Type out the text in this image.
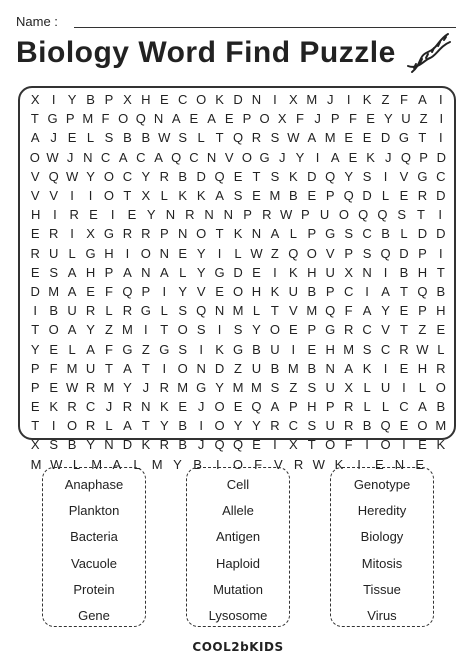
Name :
Biology Word Find Puzzle
X I Y B P X H E C O K D N I X M J	I K Z F A I
T G P M F O Q N A E A E P O X F J P F E Y U Z I
A J E L S B B W S L T Q R S W A M E E D G T I
O W J N C A C A Q C N V O G J Y I A E K J Q P D
V Q W Y O C Y R B D Q E T S K D Q Y S I V G C
V V I	I O T X L K K A S E M B E P Q D L E R D
H I R E	I	E Y N R N N P R W P U O Q Q S T	I
E R I X G R R P N O T K N A L P G S C B L D D
R U L G H I O N E Y I	L W Z Q O V P S Q D P I
E S A H P A N A L Y G D E I K H U X N I B H T
D M A E F Q P I Y V E O H K U B P C I A T Q B
I B U R L R G L S Q N M L T V M Q F A Y E P H
T O A Y Z M I T O S I S Y O E P G R C V T Z E
Y E L A F G Z G S I K G B U I E H M S C R W L
P F M U T A T I O N D Z U B M B N A K I E H R
P E W R M Y J R M G Y M M S Z S U X L U I	L O
E K R C J R N K E J O E Q A P H P R L L C A B
T I O R L A T Y B I O Y Y R C S U R B Q E O M
X S B Y N D K R B J Q Q E I X T O F I O I E K
M W L M A L M Y B	I	O F V R W K	I	E N E
Anaphase
Plankton
Bacteria
Vacuole
Protein
Gene
Cell
Allele
Antigen
Haploid
Mutation
Lysosome
Genotype
Heredity
Biology
Mitosis
Tissue
Virus
COOL2bKIDS
